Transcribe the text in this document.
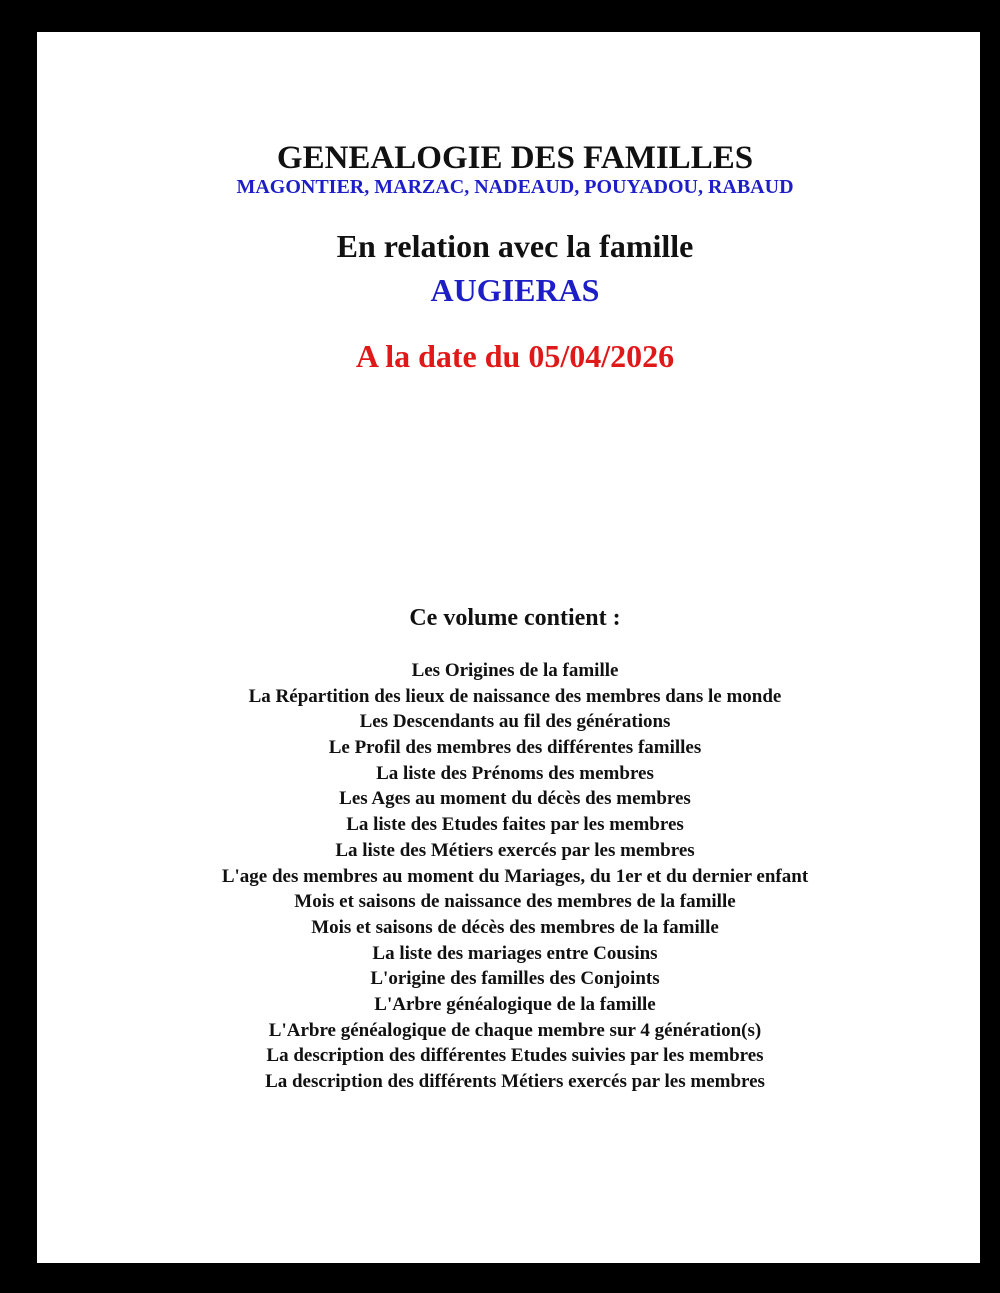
GENEALOGIE DES FAMILLES

MAGONTIER, MARZAC, NADEAUD, POUYADOU, RABAUD

En relation avec la famille

AUGIERAS

A la date du 05/04/2026

Ce volume contient :

Les Origines de la famille
La Répartition des lieux de naissance des membres dans le monde
Les Descendants au fil des générations
Le Profil des membres des différentes familles
La liste des Prénoms des membres
Les Ages au moment du décès des membres
La liste des Etudes faites par les membres
La liste des Métiers exercés par les membres
L'age des membres au moment du Mariages, du 1er et du dernier enfant
Mois et saisons de naissance des membres de la famille
Mois et saisons de décès des membres de la famille
La liste des mariages entre Cousins
L'origine des familles des Conjoints
L'Arbre généalogique de la famille
L'Arbre généalogique de chaque membre sur 4 génération(s)
La description des différentes Etudes suivies par les membres
La description des différents Métiers exercés par les membres
